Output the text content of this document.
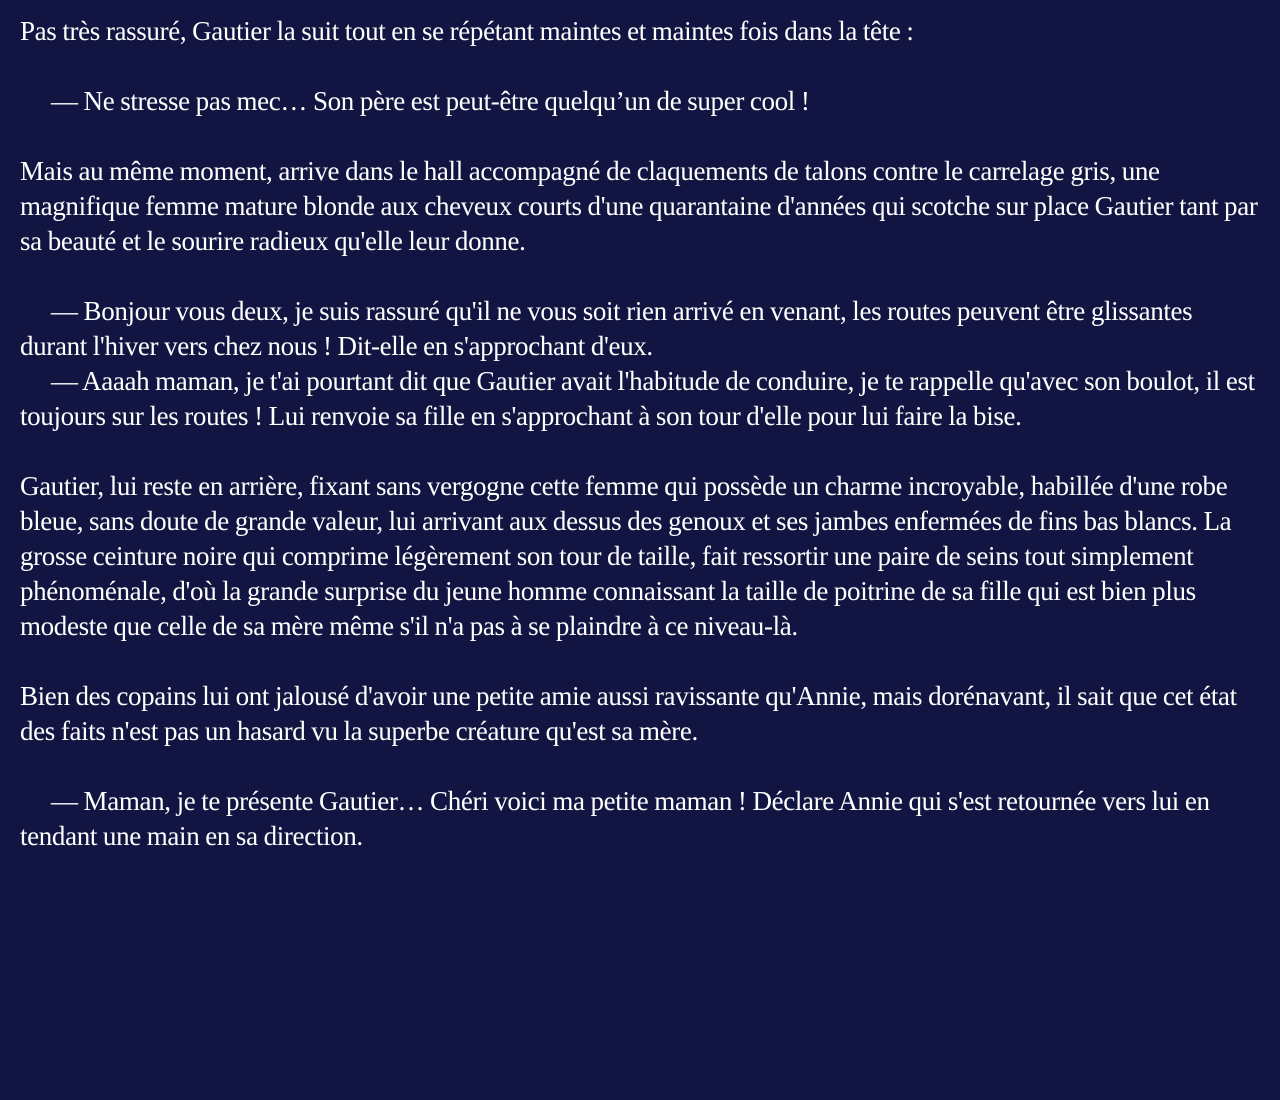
Pas très rassuré, Gautier la suit tout en se répétant maintes et maintes fois dans la tête :

— Ne stresse pas mec… Son père est peut-être quelqu’un de super cool !

Mais au même moment, arrive dans le hall accompagné de claquements de talons contre le carrelage gris, une magnifique femme mature blonde aux cheveux courts d'une quarantaine d'années qui scotche sur place Gautier tant par sa beauté et le sourire radieux qu'elle leur donne.

— Bonjour vous deux, je suis rassuré qu'il ne vous soit rien arrivé en venant, les routes peuvent être glissantes durant l'hiver vers chez nous ! Dit-elle en s'approchant d'eux.

— Aaaah maman, je t'ai pourtant dit que Gautier avait l'habitude de conduire, je te rappelle qu'avec son boulot, il est toujours sur les routes ! Lui renvoie sa fille en s'approchant à son tour d'elle pour lui faire la bise.

Gautier, lui reste en arrière, fixant sans vergogne cette femme qui possède un charme incroyable, habillée d'une robe bleue, sans doute de grande valeur, lui arrivant aux dessus des genoux et ses jambes enfermées de fins bas blancs. La grosse ceinture noire qui comprime légèrement son tour de taille, fait ressortir une paire de seins tout simplement phénoménale, d'où la grande surprise du jeune homme connaissant la taille de poitrine de sa fille qui est bien plus modeste que celle de sa mère même s'il n'a pas à se plaindre à ce niveau-là.

Bien des copains lui ont jalousé d'avoir une petite amie aussi ravissante qu'Annie, mais dorénavant, il sait que cet état des faits n'est pas un hasard vu la superbe créature qu'est sa mère.

— Maman, je te présente Gautier… Chéri voici ma petite maman ! Déclare Annie qui s'est retournée vers lui en tendant une main en sa direction.
